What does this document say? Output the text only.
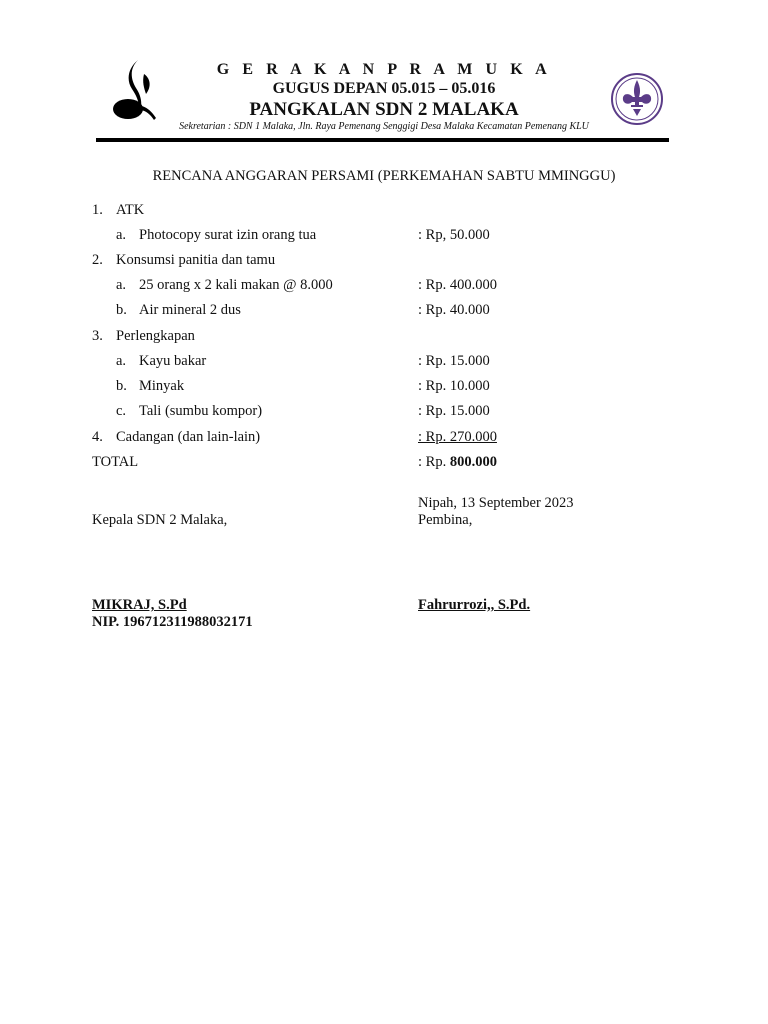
G E R A K A N P R A M U K A
GUGUS DEPAN 05.015 – 05.016
PANGKALAN SDN 2 MALAKA
Sekretarian : SDN 1 Malaka, Jln. Raya Pemenang Senggigi Desa Malaka Kecamatan Pemenang KLU
RENCANA ANGGARAN PERSAMI (PERKEMAHAN SABTU MMINGGU)
1. ATK
a. Photocopy surat izin orang tua	: Rp, 50.000
2. Konsumsi panitia dan tamu
a. 25 orang x 2 kali makan @ 8.000	: Rp. 400.000
b. Air mineral 2 dus	: Rp. 40.000
3. Perlengkapan
a. Kayu bakar	: Rp. 15.000
b. Minyak	: Rp. 10.000
c. Tali (sumbu kompor)	: Rp. 15.000
4. Cadangan (dan lain-lain)	: Rp. 270.000
TOTAL	: Rp. 800.000
Nipah, 13 September 2023
Kepala SDN 2 Malaka,	Pembina,
MIKRAJ, S.Pd
NIP. 196712311988032171
Fahrurrozi,, S.Pd.
